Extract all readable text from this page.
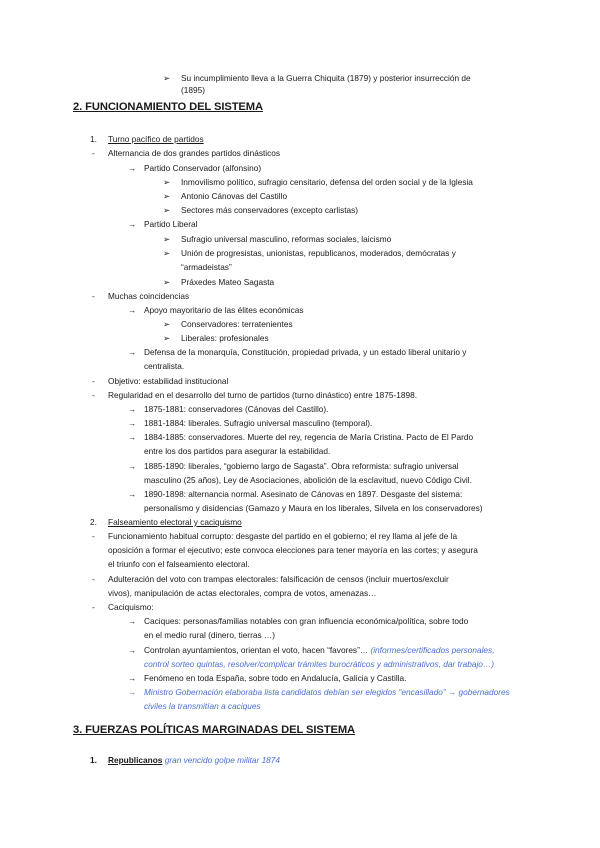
➢ Su incumplimiento lleva a la Guerra Chiquita (1879) y posterior insurrección de
(1895)
2. FUNCIONAMIENTO DEL SISTEMA
1. Turno pacífico de partidos
- Alternancia de dos grandes partidos dinásticos
→ Partido Conservador (alfonsino)
➢ Inmovilismo político, sufragio censitario, defensa del orden social y de la Iglesia
➢ Antonio Cánovas del Castillo
➢ Sectores más conservadores (excepto carlistas)
→ Partido Liberal
➢ Sufragio universal masculino, reformas sociales, laicismo
➢ Unión de progresistas, unionistas, republicanos, moderados, demócratas y
“armadeistas”
➢ Práxedes Mateo Sagasta
- Muchas coincidencias
→ Apoyo mayoritario de las élites económicas
➢ Conservadores: terratenientes
➢ Liberales: profesionales
→ Defensa de la monarquía, Constitución, propiedad privada, y un estado liberal unitario y
centralista.
- Objetivo: estabilidad institucional
- Regularidad en el desarrollo del turno de partidos (turno dinástico) entre 1875-1898.
→ 1875-1881: conservadores (Cánovas del Castillo).
→ 1881-1884: liberales. Sufragio universal masculino (temporal).
→ 1884-1885: conservadores. Muerte del rey, regencia de María Cristina. Pacto de El Pardo
entre los dos partidos para asegurar la estabilidad.
→ 1885-1890: liberales, “gobierno largo de Sagasta”. Obra reformista: sufragio universal
masculino (25 años), Ley de Asociaciones, abolición de la esclavitud, nuevo Código Civil.
→ 1890-1898: alternancia normal. Asesinato de Cánovas en 1897. Desgaste del sistema:
personalismo y disidencias (Gamazo y Maura en los liberales, Silvela en los conservadores)
2. Falseamiento electoral y caciquismo
- Funcionamiento habitual corrupto: desgaste del partido en el gobierno; el rey llama al jefe de la
oposición a formar el ejecutivo; este convoca elecciones para tener mayoría en las cortes; y asegura
el triunfo con el falseamiento electoral.
- Adulteración del voto con trampas electorales: falsificación de censos (incluir muertos/excluir
vivos), manipulación de actas electorales, compra de votos, amenazas…
- Caciquismo:
→ Caciques: personas/familias notables con gran influencia económica/política, sobre todo
en el medio rural (dinero, tierras …)
→ Controlan ayuntamientos, orientan el voto, hacen “favores”… (informes/certificados personales,
control sorteo quintas, resolver/complicar trámites burocráticos y administrativos, dar trabajo…)
→ Fenómeno en toda España, sobre todo en Andalucía, Galicia y Castilla.
→ Ministro Gobernación elaboraba lista candidatos debían ser elegidos “encasillado” → gobernadores
civiles la transmitían a caciques
3. FUERZAS POLÍTICAS MARGINADAS DEL SISTEMA
1. Republicanos gran vencido golpe militar 1874
